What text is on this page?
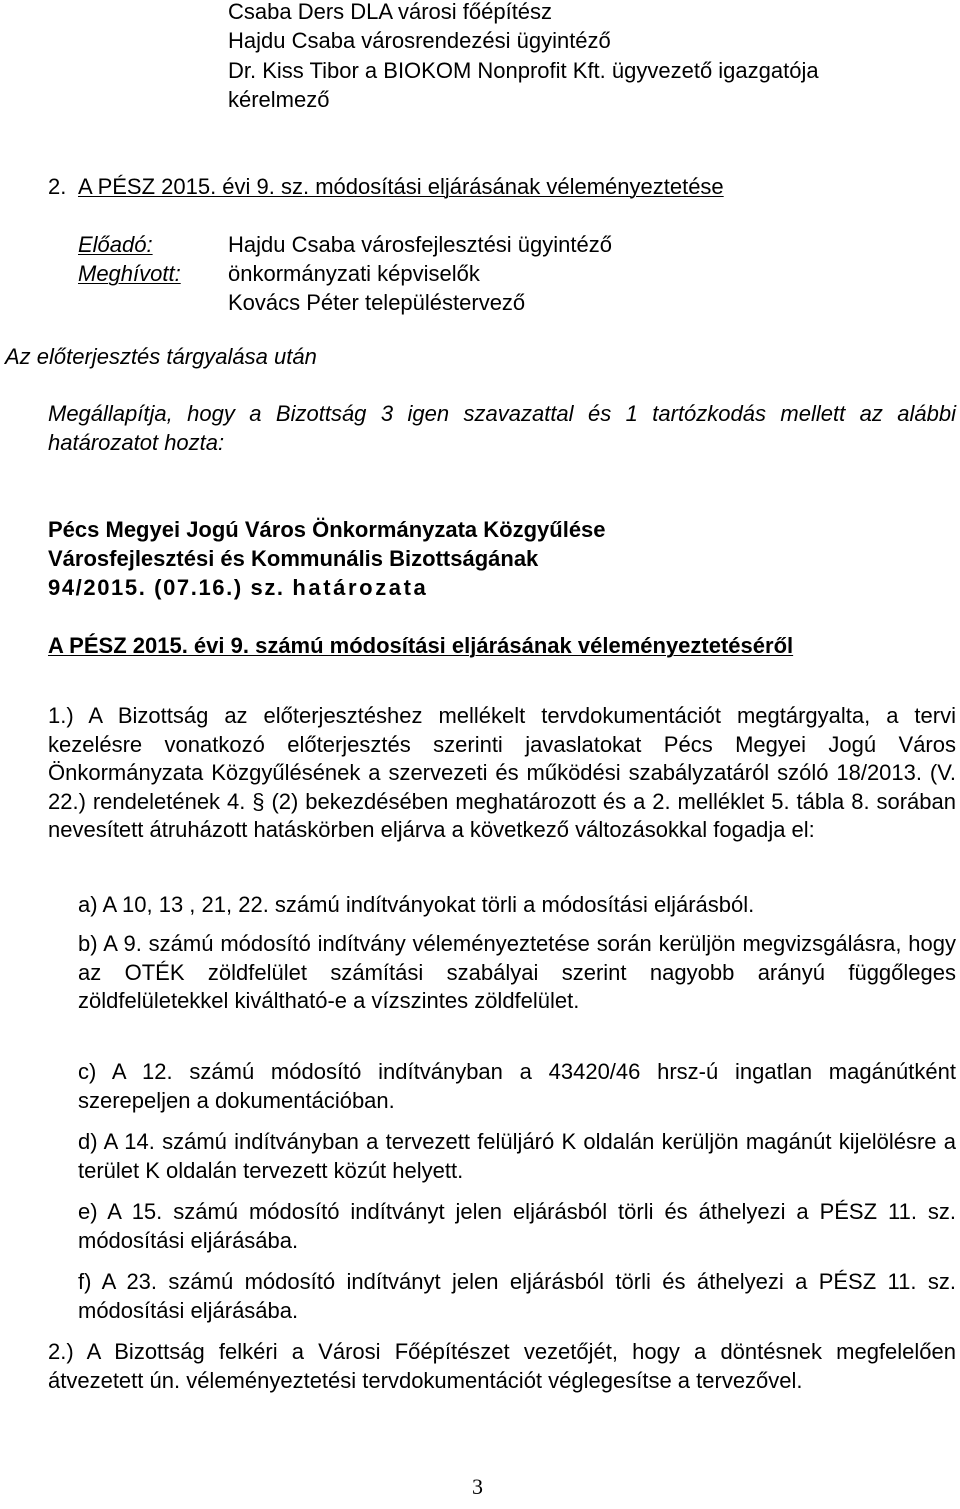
Csaba Ders DLA városi főépítész
Hajdu Csaba városrendezési ügyintéző
Dr. Kiss Tibor a BIOKOM Nonprofit Kft. ügyvezető igazgatója
kérelmező
2. A PÉSZ 2015. évi 9. sz. módosítási eljárásának véleményeztetése
Előadó:	Hajdu Csaba városfejlesztési ügyintéző
Meghívott: önkormányzati képviselők
Kovács Péter településtervező
Az előterjesztés tárgyalása után
Megállapítja, hogy a Bizottság 3 igen szavazattal és 1 tartózkodás mellett az alábbi határozatot hozta:
Pécs Megyei Jogú Város Önkormányzata Közgyűlése
Városfejlesztési és Kommunális Bizottságának
94/2015. (07.16.) sz. határozata
A PÉSZ 2015. évi 9. számú módosítási eljárásának véleményeztetéséről
1.) A Bizottság az előterjesztéshez mellékelt tervdokumentációt megtárgyalta, a tervi kezelésre vonatkozó előterjesztés szerinti javaslatokat Pécs Megyei Jogú Város Önkormányzata Közgyűlésének a szervezeti és működési szabályzatáról szóló 18/2013. (V. 22.) rendeletének 4. § (2) bekezdésében meghatározott és a 2. melléklet 5. tábla 8. sorában nevesített átruházott hatáskörben eljárva a következő változásokkal fogadja el:
a) A 10, 13 , 21, 22. számú indítványokat törli a módosítási eljárásból.
b) A 9. számú módosító indítvány véleményeztetése során kerüljön megvizsgálásra, hogy az OTÉK zöldfelület számítási szabályai szerint nagyobb arányú függőleges zöldfelületekkel kiváltható-e a vízszintes zöldfelület.
c) A 12. számú módosító indítványban a 43420/46 hrsz-ú ingatlan magánútként szerepeljen a dokumentációban.
d) A 14. számú indítványban a tervezett felüljáró K oldalán kerüljön magánút kijelölésre a terület K oldalán tervezett közút helyett.
e) A 15. számú módosító indítványt jelen eljárásból törli és áthelyezi a PÉSZ 11. sz. módosítási eljárásába.
f) A 23. számú módosító indítványt jelen eljárásból törli és áthelyezi a PÉSZ 11. sz. módosítási eljárásába.
2.) A Bizottság felkéri a Városi Főépítészet vezetőjét, hogy a döntésnek megfelelően átvezetett ún. véleményeztetési tervdokumentációt véglegesítse a tervezővel.
3
